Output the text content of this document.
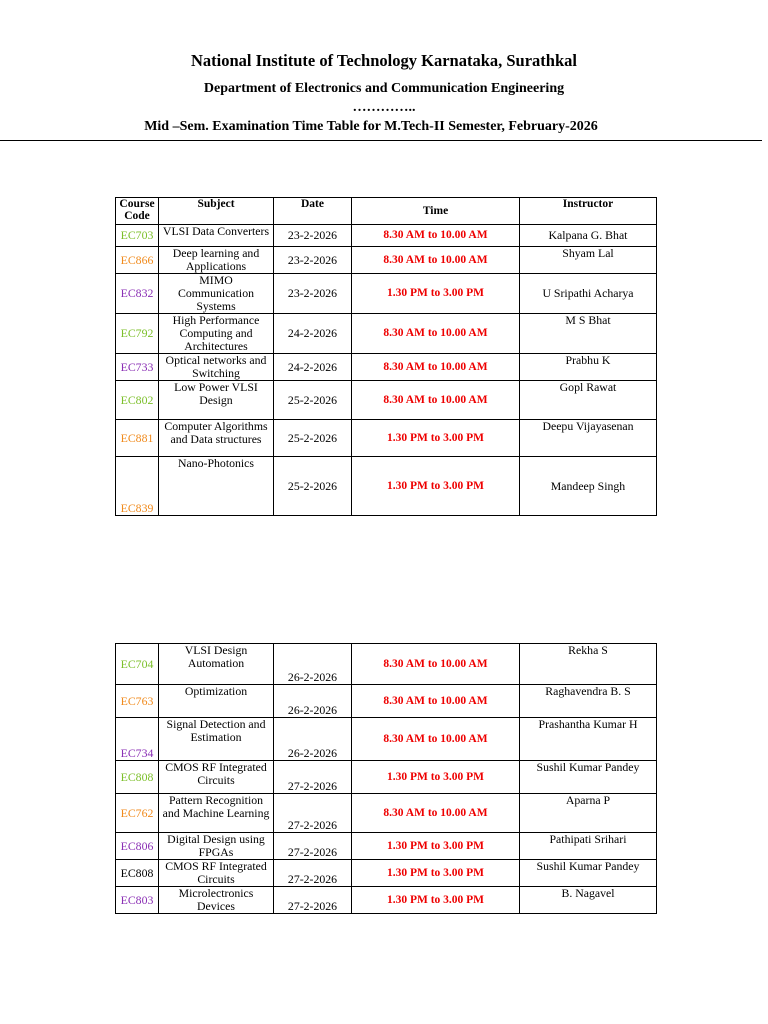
National Institute of Technology Karnataka, Surathkal
Department of Electronics and Communication Engineering
…………..
Mid –Sem. Examination Time Table for M.Tech-II Semester, February-2026
Course Code	Subject	Date	Time	Instructor
EC703	VLSI Data Converters	23-2-2026	8.30 AM to 10.00 AM	Kalpana G. Bhat
EC866	Deep learning and Applications	23-2-2026	8.30 AM to 10.00 AM	Shyam Lal
EC832	MIMO Communication Systems	23-2-2026	1.30 PM to 3.00 PM	U Sripathi Acharya
EC792	High Performance Computing and Architectures	24-2-2026	8.30 AM to 10.00 AM	M S Bhat
EC733	Optical networks and Switching	24-2-2026	8.30 AM to 10.00 AM	Prabhu K
EC802	Low Power VLSI Design	25-2-2026	8.30 AM to 10.00 AM	Gopl Rawat
EC881	Computer Algorithms and Data structures	25-2-2026	1.30 PM to 3.00 PM	Deepu Vijayasenan
EC839	Nano-Photonics	25-2-2026	1.30 PM to 3.00 PM	Mandeep Singh
EC704	VLSI Design Automation	26-2-2026	8.30 AM to 10.00 AM	Rekha S
EC763	Optimization	26-2-2026	8.30 AM to 10.00 AM	Raghavendra B. S
EC734	Signal Detection and Estimation	26-2-2026	8.30 AM to 10.00 AM	Prashantha Kumar H
EC808	CMOS RF Integrated Circuits	27-2-2026	1.30 PM to 3.00 PM	Sushil Kumar Pandey
EC762	Pattern Recognition and Machine Learning	27-2-2026	8.30 AM to 10.00 AM	Aparna P
EC806	Digital Design using FPGAs	27-2-2026	1.30 PM to 3.00 PM	Pathipati Srihari
EC808	CMOS RF Integrated Circuits	27-2-2026	1.30 PM to 3.00 PM	Sushil Kumar Pandey
EC803	Microlectronics Devices	27-2-2026	1.30 PM to 3.00 PM	B. Nagavel
